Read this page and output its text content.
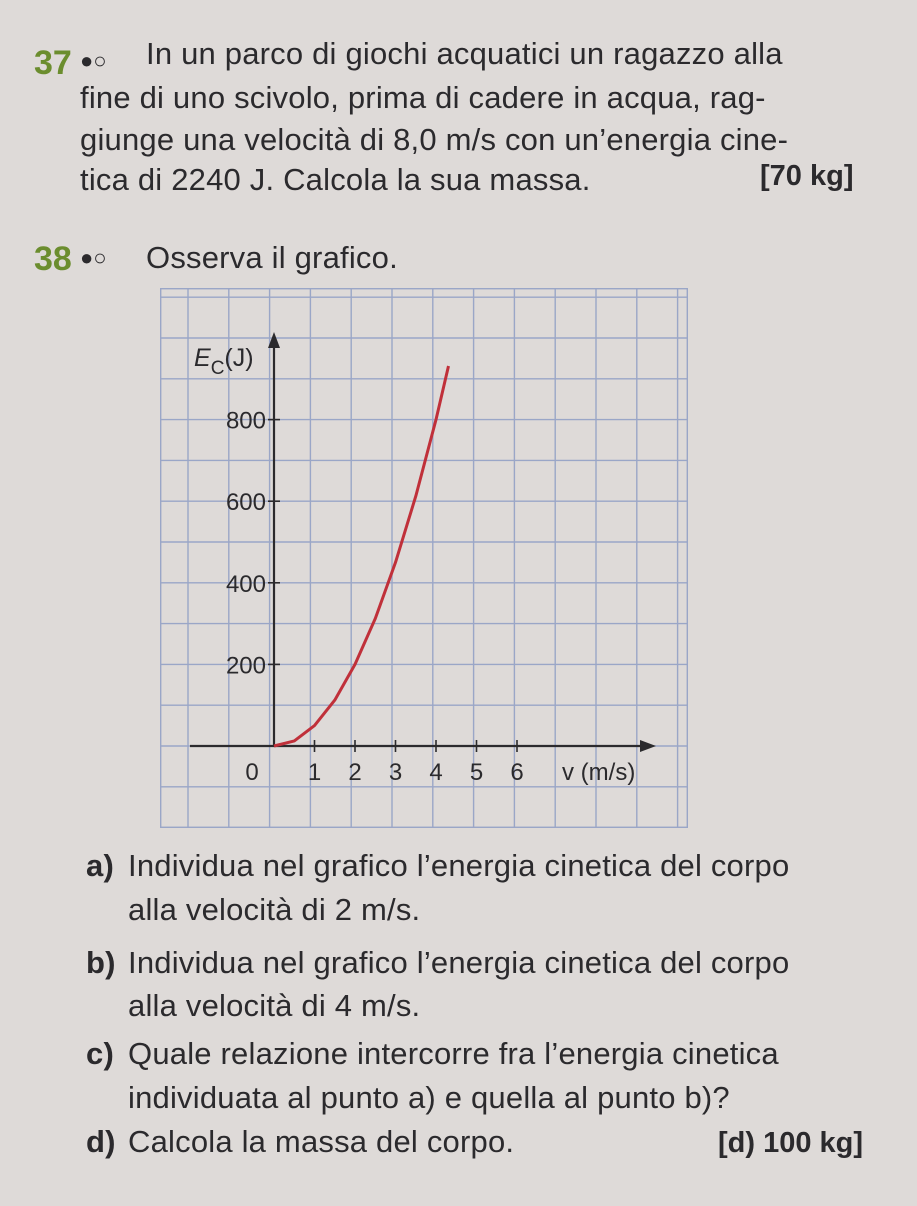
37 ●○ In un parco di giochi acquatici un ragazzo alla
fine di uno scivolo, prima di cadere in acqua, rag-
giunge una velocità di 8,0 m/s con un’energia cine-
tica di 2240 J. Calcola la sua massa.	[70 kg]
38 ●○ Osserva il grafico.
0 1 2 3 4 5 6
200
400
600
800
$E_C(J)$
v (m/s)
a) Individua nel grafico l’energia cinetica del corpo
alla velocità di 2 m/s.
b) Individua nel grafico l’energia cinetica del corpo
alla velocità di 4 m/s.
c) Quale relazione intercorre fra l’energia cinetica
individuata al punto a) e quella al punto b)?
d) Calcola la massa del corpo.	[d) 100 kg]
